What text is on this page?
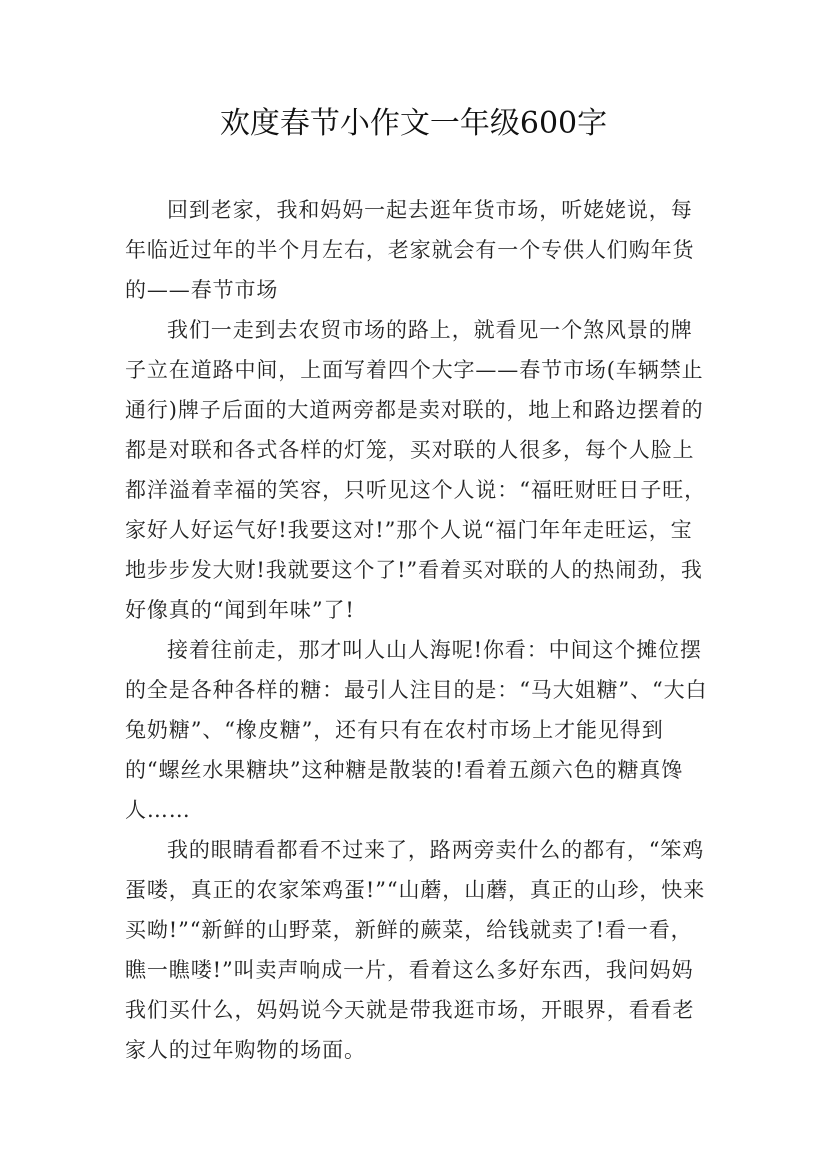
欢度春节小作文一年级600字

回到老家，我和妈妈一起去逛年货市场，听姥姥说，每年临近过年的半个月左右，老家就会有一个专供人们购年货的——春节市场

我们一走到去农贸市场的路上，就看见一个煞风景的牌子立在道路中间，上面写着四个大字——春节市场(车辆禁止通行)牌子后面的大道两旁都是卖对联的，地上和路边摆着的都是对联和各式各样的灯笼，买对联的人很多，每个人脸上都洋溢着幸福的笑容，只听见这个人说：“福旺财旺日子旺，家好人好运气好!我要这对!”那个人说“福门年年走旺运，宝地步步发大财!我就要这个了!”看着买对联的人的热闹劲，我好像真的“闻到年味”了!

接着往前走，那才叫人山人海呢!你看：中间这个摊位摆的全是各种各样的糖：最引人注目的是：“马大姐糖”、“大白兔奶糖”、“橡皮糖”，还有只有在农村市场上才能见得到的“螺丝水果糖块”这种糖是散装的!看着五颜六色的糖真馋人……

我的眼睛看都看不过来了，路两旁卖什么的都有，“笨鸡蛋喽，真正的农家笨鸡蛋!”“山蘑，山蘑，真正的山珍，快来买呦!”“新鲜的山野菜，新鲜的蕨菜，给钱就卖了!看一看，瞧一瞧喽!”叫卖声响成一片，看着这么多好东西，我问妈妈我们买什么，妈妈说今天就是带我逛市场，开眼界，看看老家人的过年购物的场面。
